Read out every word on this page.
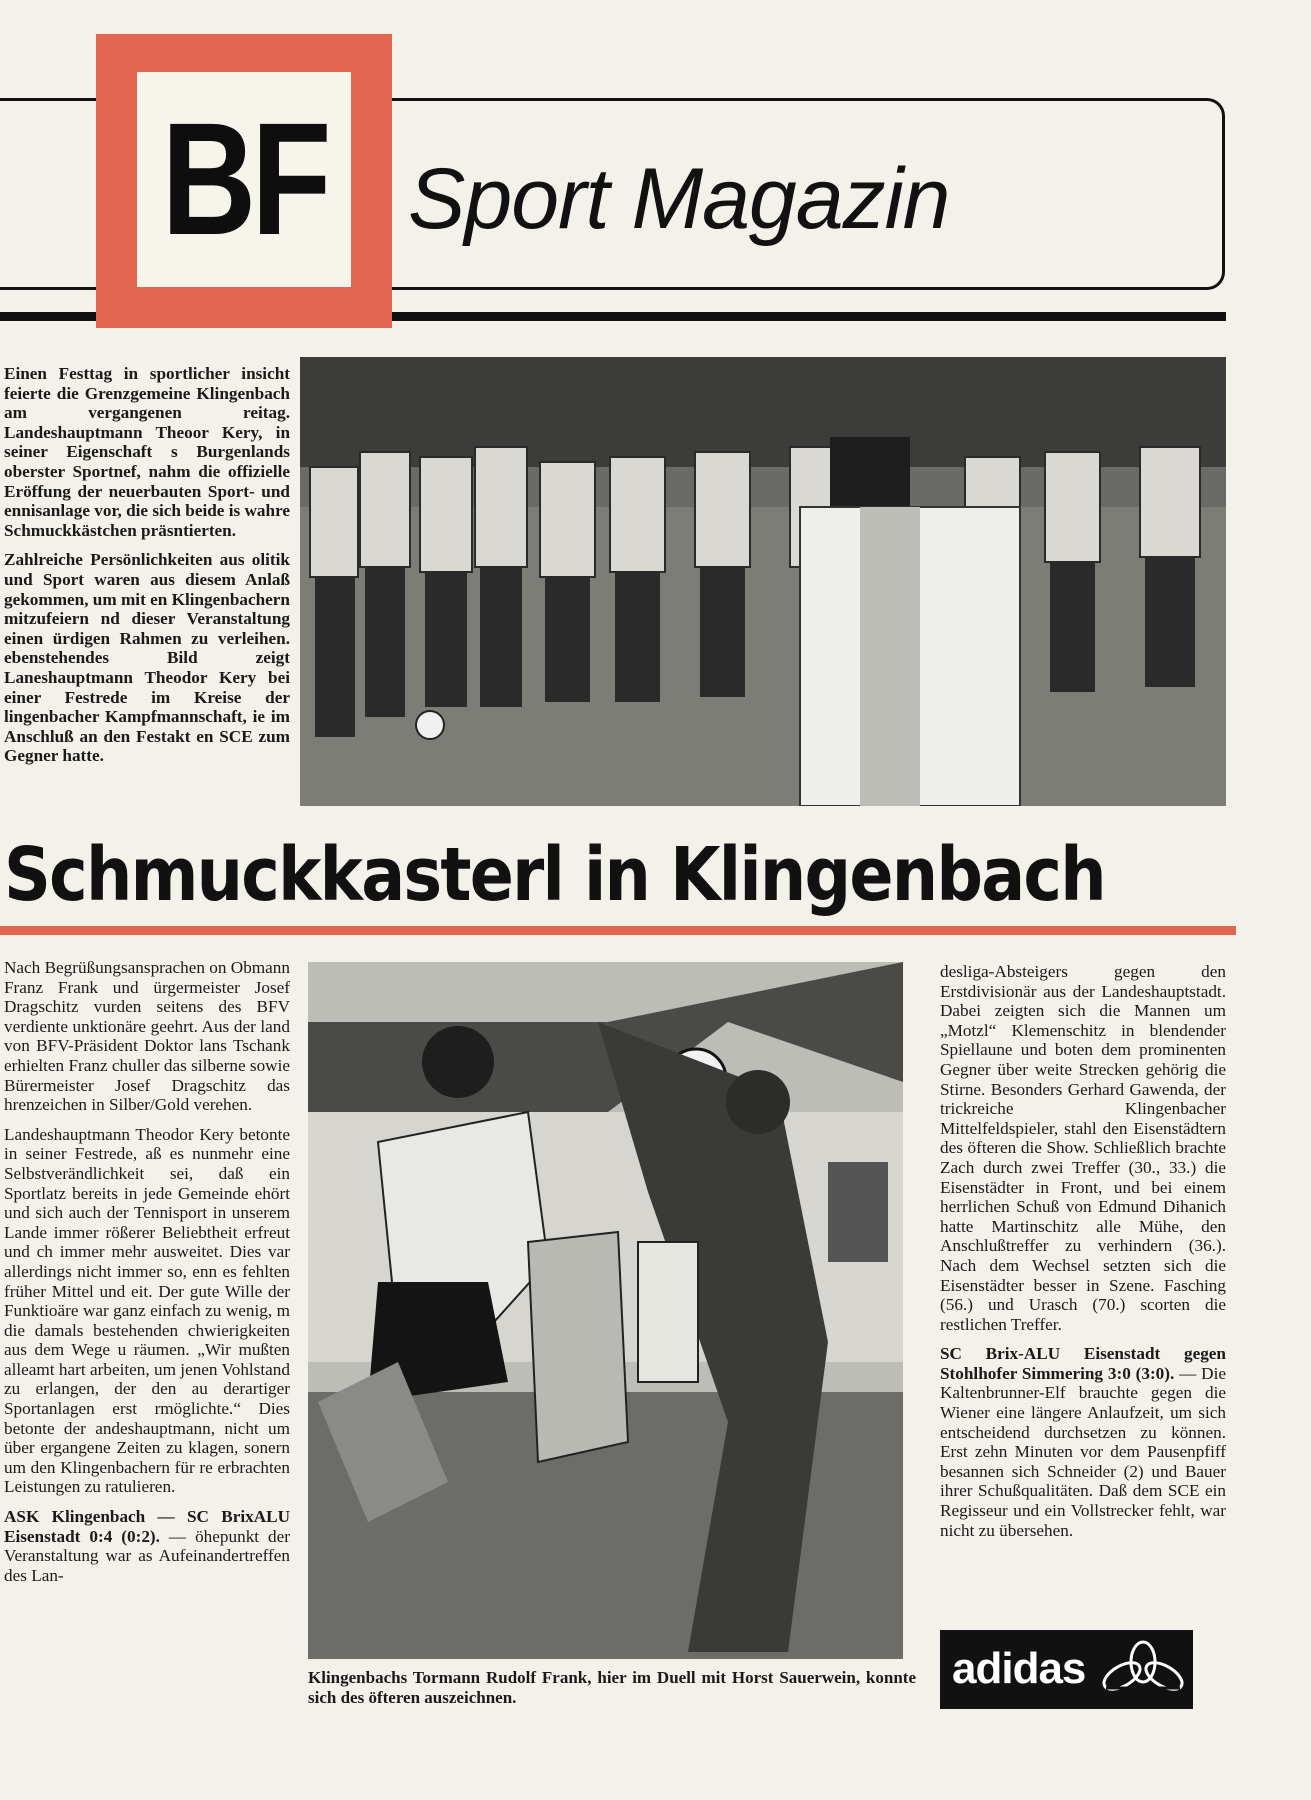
BF Sport Magazin

Einen Festtag in sportlicher insicht feierte die Grenzgemeine Klingenbach am vergangenen reitag. Landeshauptmann Theoor Kery, in seiner Eigenschaft s Burgenlands oberster Sportnef, nahm die offizielle Eröffung der neuerbauten Sport- und ennisanlage vor, die sich beide is wahre Schmuckkästchen präsntierten.

Zahlreiche Persönlichkeiten aus olitik und Sport waren aus diesem Anlaß gekommen, um mit en Klingenbachern mitzufeiern nd dieser Veranstaltung einen ürdigen Rahmen zu verleihen. ebenstehendes Bild zeigt Laneshauptmann Theodor Kery bei einer Festrede im Kreise der lingenbacher Kampfmannschaft, ie im Anschluß an den Festakt en SCE zum Gegner hatte.

Schmuckkasterl in Klingenbach

Nach Begrüßungsansprachen on Obmann Franz Frank und ürgermeister Josef Dragschitz vurden seitens des BFV verdiente unktionäre geehrt. Aus der land von BFV-Präsident Doktor lans Tschank erhielten Franz chuller das silberne sowie Bürermeister Josef Dragschitz das hrenzeichen in Silber/Gold verehen.

Landeshauptmann Theodor Kery betonte in seiner Festrede, aß es nunmehr eine Selbstverändlichkeit sei, daß ein Sportlatz bereits in jede Gemeinde ehört und sich auch der Tennisport in unserem Lande immer rößerer Beliebtheit erfreut und ch immer mehr ausweitet. Dies var allerdings nicht immer so, enn es fehlten früher Mittel und eit. Der gute Wille der Funktioäre war ganz einfach zu wenig, m die damals bestehenden chwierigkeiten aus dem Wege u räumen. „Wir mußten alleamt hart arbeiten, um jenen Vohlstand zu erlangen, der den au derartiger Sportanlagen erst rmöglichte.“ Dies betonte der andeshauptmann, nicht um über ergangene Zeiten zu klagen, sonern um den Klingenbachern für re erbrachten Leistungen zu ratulieren.

ASK Klingenbach — SC BrixALU Eisenstadt 0:4 (0:2). — öhepunkt der Veranstaltung war as Aufeinandertreffen des Lan-

Klingenbachs Tormann Rudolf Frank, hier im Duell mit Horst Sauerwein, konnte sich des öfteren auszeichnen.

desliga-Absteigers gegen den Erstdivisionär aus der Landeshauptstadt. Dabei zeigten sich die Mannen um „Motzl“ Klemenschitz in blendender Spiellaune und boten dem prominenten Gegner über weite Strecken gehörig die Stirne. Besonders Gerhard Gawenda, der trickreiche Klingenbacher Mittelfeldspieler, stahl den Eisenstädtern des öfteren die Show. Schließlich brachte Zach durch zwei Treffer (30., 33.) die Eisenstädter in Front, und bei einem herrlichen Schuß von Edmund Dihanich hatte Martinschitz alle Mühe, den Anschlußtreffer zu verhindern (36.). Nach dem Wechsel setzten sich die Eisenstädter besser in Szene. Fasching (56.) und Urasch (70.) scorten die restlichen Treffer.

SC Brix-ALU Eisenstadt gegen Stohlhofer Simmering 3:0 (3:0). — Die Kaltenbrunner-Elf brauchte gegen die Wiener eine längere Anlaufzeit, um sich entscheidend durchsetzen zu können. Erst zehn Minuten vor dem Pausenpfiff besannen sich Schneider (2) und Bauer ihrer Schußqualitäten. Daß dem SCE ein Regisseur und ein Vollstrecker fehlt, war nicht zu übersehen.

adidas
